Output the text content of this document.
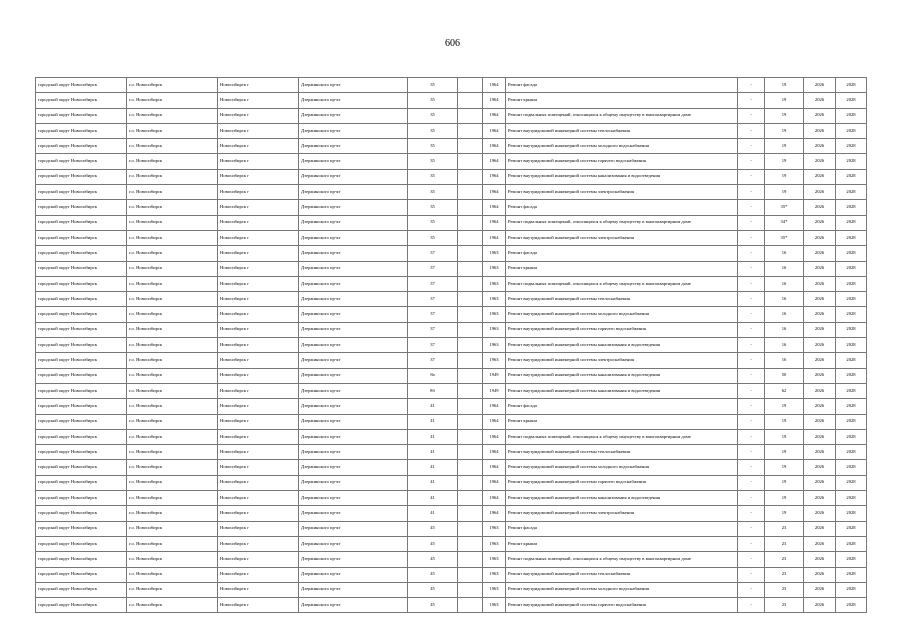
606
городской округ Новосибирск	г.о. Новосибирск	Новосибирск г	Дзержинского пр-кт	35		1964	Ремонт фасада	-	19	2026	2028
городской округ Новосибирск	г.о. Новосибирск	Новосибирск г	Дзержинского пр-кт	35		1964	Ремонт крыши	-	19	2026	2028
городской округ Новосибирск	г.о. Новосибирск	Новосибирск г	Дзержинского пр-кт	35		1964	Ремонт подвальных помещений, относящихся к общему имуществу в многоквартирном доме	-	19	2026	2028
городской округ Новосибирск	г.о. Новосибирск	Новосибирск г	Дзержинского пр-кт	35		1964	Ремонт внутридомовой инженерной системы теплоснабжения	-	19	2026	2028
городской округ Новосибирск	г.о. Новосибирск	Новосибирск г	Дзержинского пр-кт	35		1964	Ремонт внутридомовой инженерной системы холодного водоснабжения	-	19	2026	2028
городской округ Новосибирск	г.о. Новосибирск	Новосибирск г	Дзержинского пр-кт	35		1964	Ремонт внутридомовой инженерной системы горячего водоснабжения	-	19	2026	2028
городской округ Новосибирск	г.о. Новосибирск	Новосибирск г	Дзержинского пр-кт	35		1964	Ремонт внутридомовой инженерной системы канализования и водоотведения	-	19	2026	2028
городской округ Новосибирск	г.о. Новосибирск	Новосибирск г	Дзержинского пр-кт	35		1964	Ремонт внутридомовой инженерной системы электроснабжения	-	19	2026	2028
городской округ Новосибирск	г.о. Новосибирск	Новосибирск г	Дзержинского пр-кт	35		1964	Ремонт фасада	-	35*	2026	2028
городской округ Новосибирск	г.о. Новосибирск	Новосибирск г	Дзержинского пр-кт	35		1964	Ремонт подвальных помещений, относящихся к общему имуществу в многоквартирном доме	-	34*	2026	2028
городской округ Новосибирск	г.о. Новосибирск	Новосибирск г	Дзержинского пр-кт	35		1964	Ремонт внутридомовой инженерной системы электроснабжения	-	35*	2026	2028
городской округ Новосибирск	г.о. Новосибирск	Новосибирск г	Дзержинского пр-кт	37		1963	Ремонт фасада	-	16	2026	2028
городской округ Новосибирск	г.о. Новосибирск	Новосибирск г	Дзержинского пр-кт	37		1963	Ремонт крыши	-	16	2026	2028
городской округ Новосибирск	г.о. Новосибирск	Новосибирск г	Дзержинского пр-кт	37		1963	Ремонт подвальных помещений, относящихся к общему имуществу в многоквартирном доме	-	16	2026	2028
городской округ Новосибирск	г.о. Новосибирск	Новосибирск г	Дзержинского пр-кт	37		1963	Ремонт внутридомовой инженерной системы теплоснабжения	-	16	2026	2028
городской округ Новосибирск	г.о. Новосибирск	Новосибирск г	Дзержинского пр-кт	37		1963	Ремонт внутридомовой инженерной системы холодного водоснабжения	-	16	2026	2028
городской округ Новосибирск	г.о. Новосибирск	Новосибирск г	Дзержинского пр-кт	37		1963	Ремонт внутридомовой инженерной системы горячего водоснабжения	-	16	2026	2028
городской округ Новосибирск	г.о. Новосибирск	Новосибирск г	Дзержинского пр-кт	37		1963	Ремонт внутридомовой инженерной системы канализования и водоотведения	-	16	2026	2028
городской округ Новосибирск	г.о. Новосибирск	Новосибирск г	Дзержинского пр-кт	37		1963	Ремонт внутридомовой инженерной системы электроснабжения	-	16	2026	2028
городской округ Новосибирск	г.о. Новосибирск	Новосибирск г	Дзержинского пр-кт	8а		1949	Ремонт внутридомовой инженерной системы канализования и водоотведения	-	50	2026	2028
городской округ Новосибирск	г.о. Новосибирск	Новосибирск г	Дзержинского пр-кт	8б		1949	Ремонт внутридомовой инженерной системы канализования и водоотведения	-	62	2026	2028
городской округ Новосибирск	г.о. Новосибирск	Новосибирск г	Дзержинского пр-кт	41		1964	Ремонт фасада	-	19	2026	2028
городской округ Новосибирск	г.о. Новосибирск	Новосибирск г	Дзержинского пр-кт	41		1964	Ремонт крыши	-	19	2026	2028
городской округ Новосибирск	г.о. Новосибирск	Новосибирск г	Дзержинского пр-кт	41		1964	Ремонт подвальных помещений, относящихся к общему имуществу в многоквартирном доме	-	19	2026	2028
городской округ Новосибирск	г.о. Новосибирск	Новосибирск г	Дзержинского пр-кт	41		1964	Ремонт внутридомовой инженерной системы теплоснабжения	-	19	2026	2028
городской округ Новосибирск	г.о. Новосибирск	Новосибирск г	Дзержинского пр-кт	41		1964	Ремонт внутридомовой инженерной системы холодного водоснабжения	-	19	2026	2028
городской округ Новосибирск	г.о. Новосибирск	Новосибирск г	Дзержинского пр-кт	41		1964	Ремонт внутридомовой инженерной системы горячего водоснабжения	-	19	2026	2028
городской округ Новосибирск	г.о. Новосибирск	Новосибирск г	Дзержинского пр-кт	41		1964	Ремонт внутридомовой инженерной системы канализования и водоотведения	-	19	2026	2028
городской округ Новосибирск	г.о. Новосибирск	Новосибирск г	Дзержинского пр-кт	41		1964	Ремонт внутридомовой инженерной системы электроснабжения	-	19	2026	2028
городской округ Новосибирск	г.о. Новосибирск	Новосибирск г	Дзержинского пр-кт	45		1963	Ремонт фасада	-	23	2026	2028
городской округ Новосибирск	г.о. Новосибирск	Новосибирск г	Дзержинского пр-кт	45		1963	Ремонт крыши	-	23	2026	2028
городской округ Новосибирск	г.о. Новосибирск	Новосибирск г	Дзержинского пр-кт	45		1963	Ремонт подвальных помещений, относящихся к общему имуществу в многоквартирном доме	-	23	2026	2028
городской округ Новосибирск	г.о. Новосибирск	Новосибирск г	Дзержинского пр-кт	45		1963	Ремонт внутридомовой инженерной системы теплоснабжения	-	23	2026	2028
городской округ Новосибирск	г.о. Новосибирск	Новосибирск г	Дзержинского пр-кт	45		1963	Ремонт внутридомовой инженерной системы холодного водоснабжения	-	23	2026	2028
городской округ Новосибирск	г.о. Новосибирск	Новосибирск г	Дзержинского пр-кт	45		1963	Ремонт внутридомовой инженерной системы горячего водоснабжения	-	23	2026	2028
